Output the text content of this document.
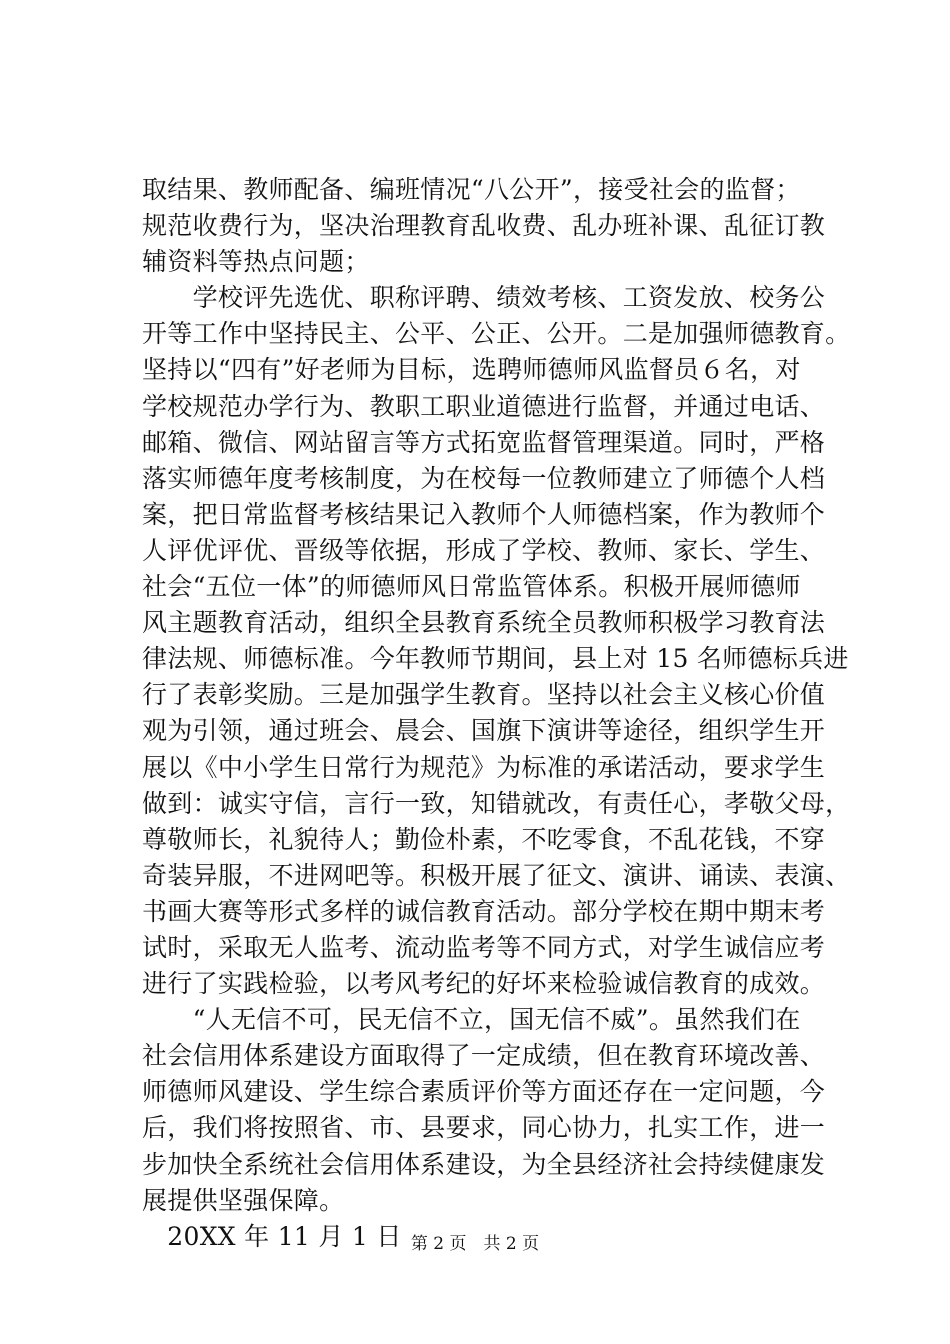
取结果、教师配备、编班情况“八公开”，接受社会的监督；
规范收费行为，坚决治理教育乱收费、乱办班补课、乱征订教
辅资料等热点问题；
　　学校评先选优、职称评聘、绩效考核、工资发放、校务公
开等工作中坚持民主、公平、公正、公开。二是加强师德教育。
坚持以“四有”好老师为目标，选聘师德师风监督员６名，对
学校规范办学行为、教职工职业道德进行监督，并通过电话、
邮箱、微信、网站留言等方式拓宽监督管理渠道。同时，严格
落实师德年度考核制度，为在校每一位教师建立了师德个人档
案，把日常监督考核结果记入教师个人师德档案，作为教师个
人评优评优、晋级等依据，形成了学校、教师、家长、学生、
社会“五位一体”的师德师风日常监管体系。积极开展师德师
风主题教育活动，组织全县教育系统全员教师积极学习教育法
律法规、师德标准。今年教师节期间，县上对 15 名师德标兵进
行了表彰奖励。三是加强学生教育。坚持以社会主义核心价值
观为引领，通过班会、晨会、国旗下演讲等途径，组织学生开
展以《中小学生日常行为规范》为标准的承诺活动，要求学生
做到：诚实守信，言行一致，知错就改，有责任心，孝敬父母，
尊敬师长，礼貌待人；勤俭朴素，不吃零食，不乱花钱，不穿
奇装异服，不进网吧等。积极开展了征文、演讲、诵读、表演、
书画大赛等形式多样的诚信教育活动。部分学校在期中期末考
试时，采取无人监考、流动监考等不同方式，对学生诚信应考
进行了实践检验，以考风考纪的好坏来检验诚信教育的成效。
　　“人无信不可，民无信不立，国无信不威”。虽然我们在
社会信用体系建设方面取得了一定成绩，但在教育环境改善、
师德师风建设、学生综合素质评价等方面还存在一定问题，今
后，我们将按照省、市、县要求，同心协力，扎实工作，进一
步加快全系统社会信用体系建设，为全县经济社会持续健康发
展提供坚强保障。
　20XX 年 11 月 1 日 第 2 页　共 2 页
